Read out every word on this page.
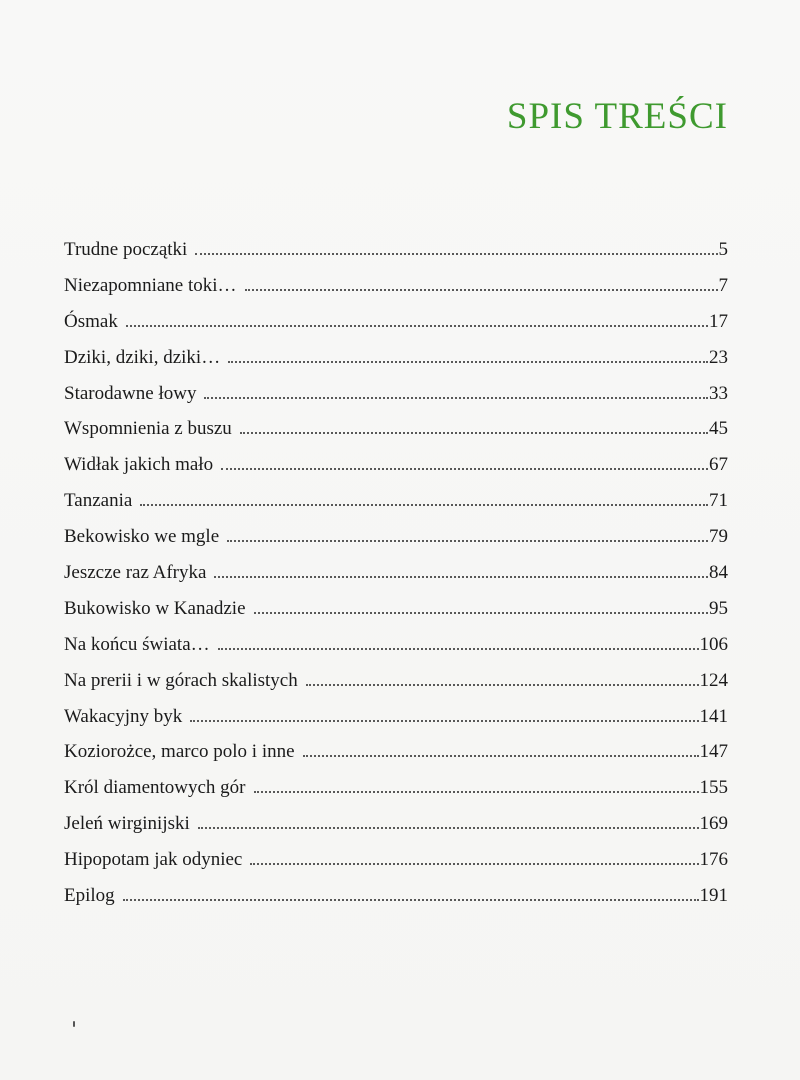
SPIS TREŚCI
Trudne początki	5
Niezapomniane toki…	7
Ósmak	17
Dziki, dziki, dziki…	23
Starodawne łowy	33
Wspomnienia z buszu	45
Widłak jakich mało	67
Tanzania	71
Bekowisko we mgle	79
Jeszcze raz Afryka	84
Bukowisko w Kanadzie	95
Na końcu świata…	106
Na prerii i w górach skalistych	124
Wakacyjny byk	141
Koziorożce, marco polo i inne	147
Król diamentowych gór	155
Jeleń wirginijski	169
Hipopotam jak odyniec	176
Epilog	191
